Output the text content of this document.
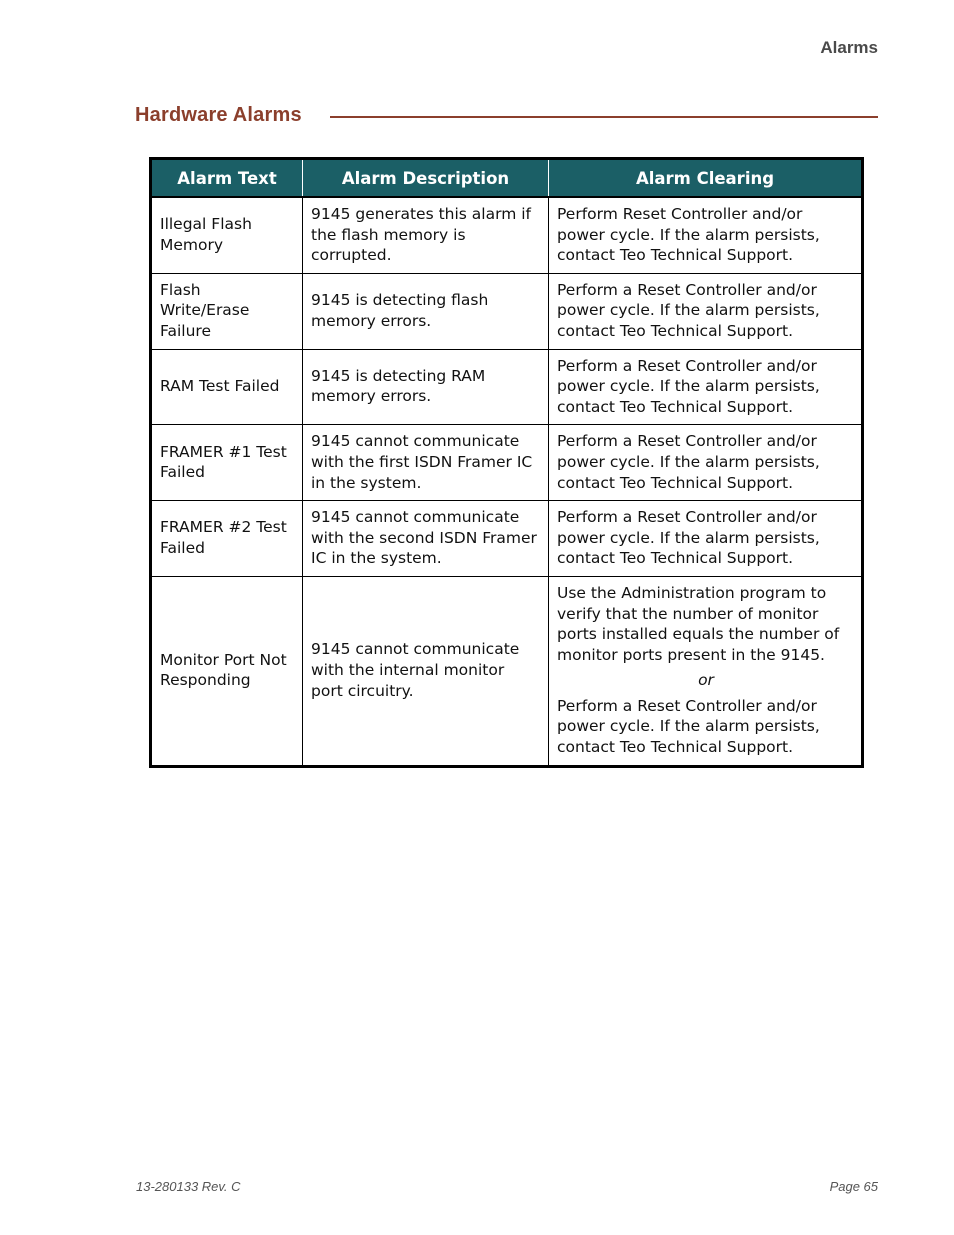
Alarms
Hardware Alarms
Alarm Text	Alarm Description	Alarm Clearing
Illegal Flash Memory	9145 generates this alarm if the flash memory is corrupted.	Perform Reset Controller and/or power cycle. If the alarm persists, contact Teo Technical Support.
Flash Write/Erase Failure	9145 is detecting flash memory errors.	Perform a Reset Controller and/or power cycle. If the alarm persists, contact Teo Technical Support.
RAM Test Failed	9145 is detecting RAM memory errors.	Perform a Reset Controller and/or power cycle. If the alarm persists, contact Teo Technical Support.
FRAMER #1 Test Failed	9145 cannot communicate with the first ISDN Framer IC in the system.	Perform a Reset Controller and/or power cycle. If the alarm persists, contact Teo Technical Support.
FRAMER #2 Test Failed	9145 cannot communicate with the second ISDN Framer IC in the system.	Perform a Reset Controller and/or power cycle. If the alarm persists, contact Teo Technical Support.
Monitor Port Not Responding	9145 cannot communicate with the internal monitor port circuitry.	Use the Administration program to verify that the number of monitor ports installed equals the number of monitor ports present in the 9145.
or
Perform a Reset Controller and/or power cycle. If the alarm persists, contact Teo Technical Support.
13-280133 Rev. C	Page 65
